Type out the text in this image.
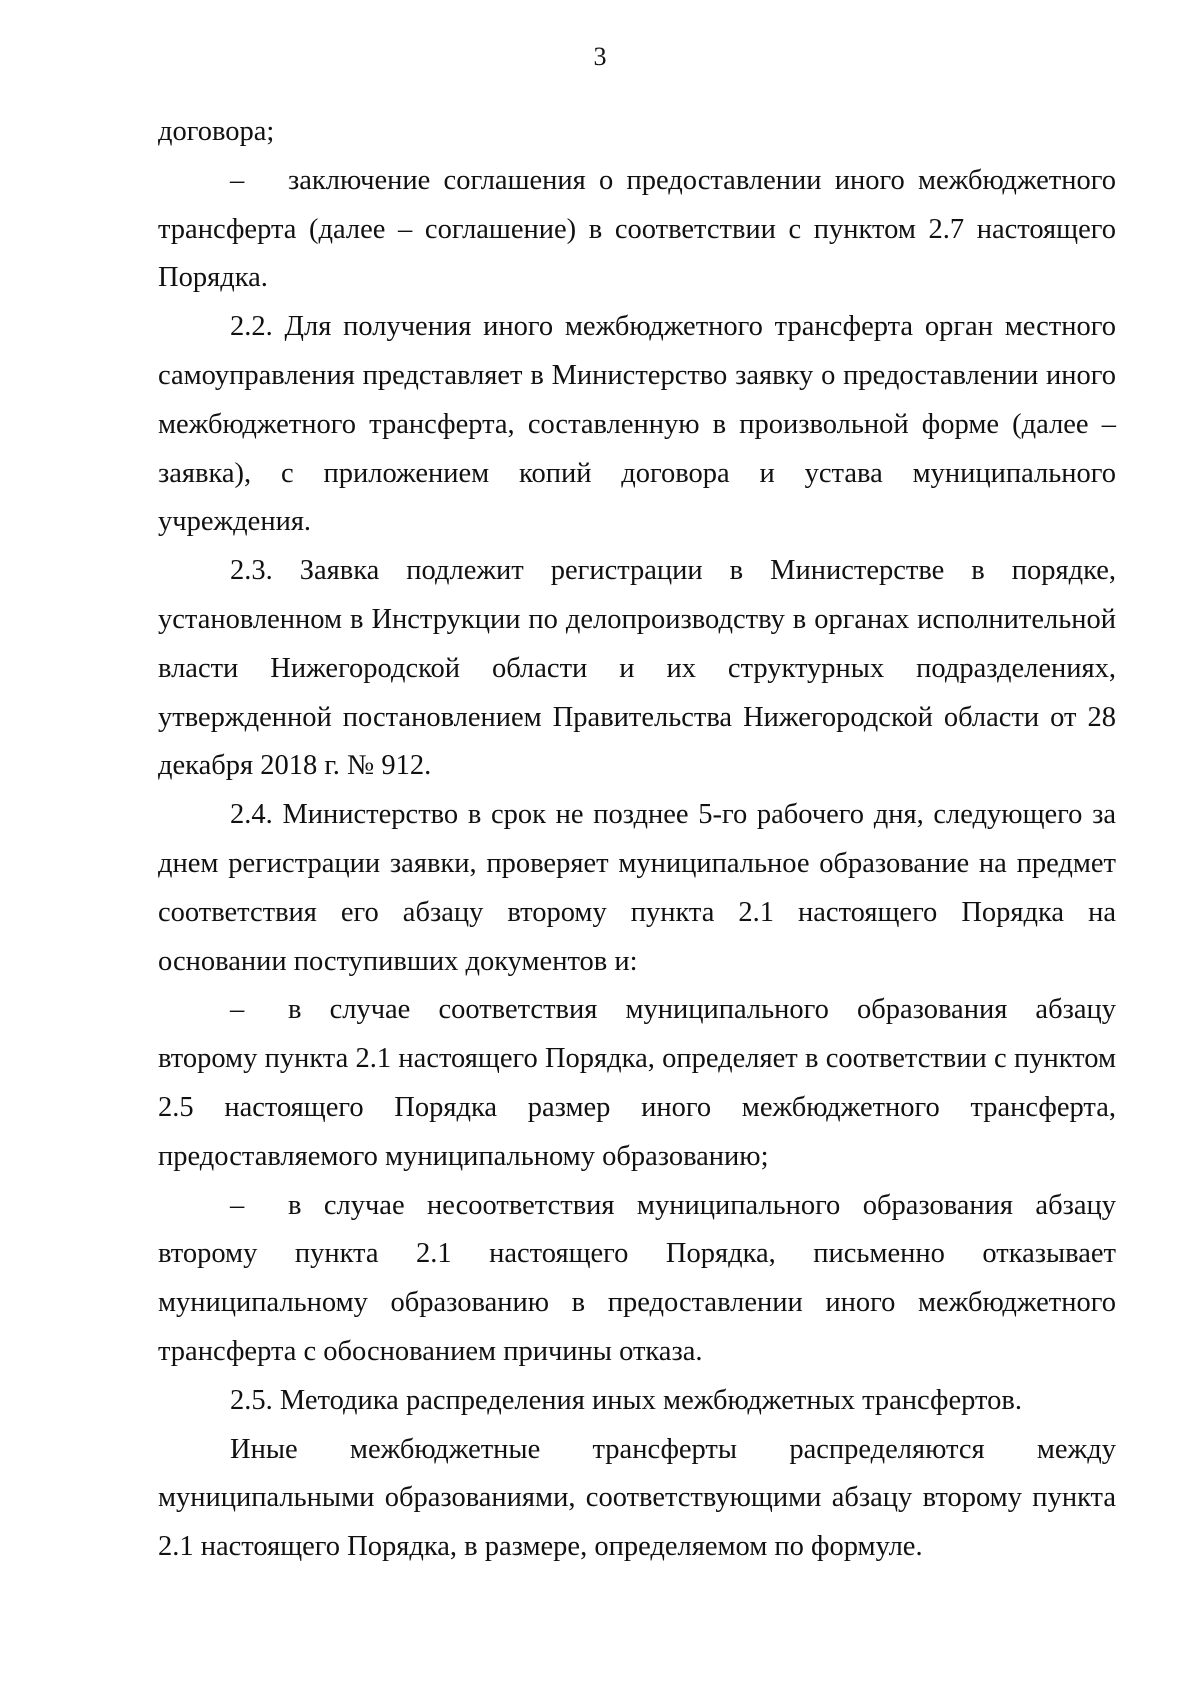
3

договора;

– заключение соглашения о предоставлении иного межбюджетного трансферта (далее – соглашение) в соответствии с пунктом 2.7 настоящего Порядка.

2.2. Для получения иного межбюджетного трансферта орган местного самоуправления представляет в Министерство заявку о предоставлении иного межбюджетного трансферта, составленную в произвольной форме (далее – заявка), с приложением копий договора и устава муниципального учреждения.

2.3. Заявка подлежит регистрации в Министерстве в порядке, установленном в Инструкции по делопроизводству в органах исполнительной власти Нижегородской области и их структурных подразделениях, утвержденной постановлением Правительства Нижегородской области от 28 декабря 2018 г. № 912.

2.4. Министерство в срок не позднее 5-го рабочего дня, следующего за днем регистрации заявки, проверяет муниципальное образование на предмет соответствия его абзацу второму пункта 2.1 настоящего Порядка на основании поступивших документов и:

– в случае соответствия муниципального образования абзацу второму пункта 2.1 настоящего Порядка, определяет в соответствии с пунктом 2.5 настоящего Порядка размер иного межбюджетного трансферта, предоставляемого муниципальному образованию;

– в случае несоответствия муниципального образования абзацу второму пункта 2.1 настоящего Порядка, письменно отказывает муниципальному образованию в предоставлении иного межбюджетного трансферта с обоснованием причины отказа.

2.5. Методика распределения иных межбюджетных трансфертов.

Иные межбюджетные трансферты распределяются между муниципальными образованиями, соответствующими абзацу второму пункта 2.1 настоящего Порядка, в размере, определяемом по формуле.
